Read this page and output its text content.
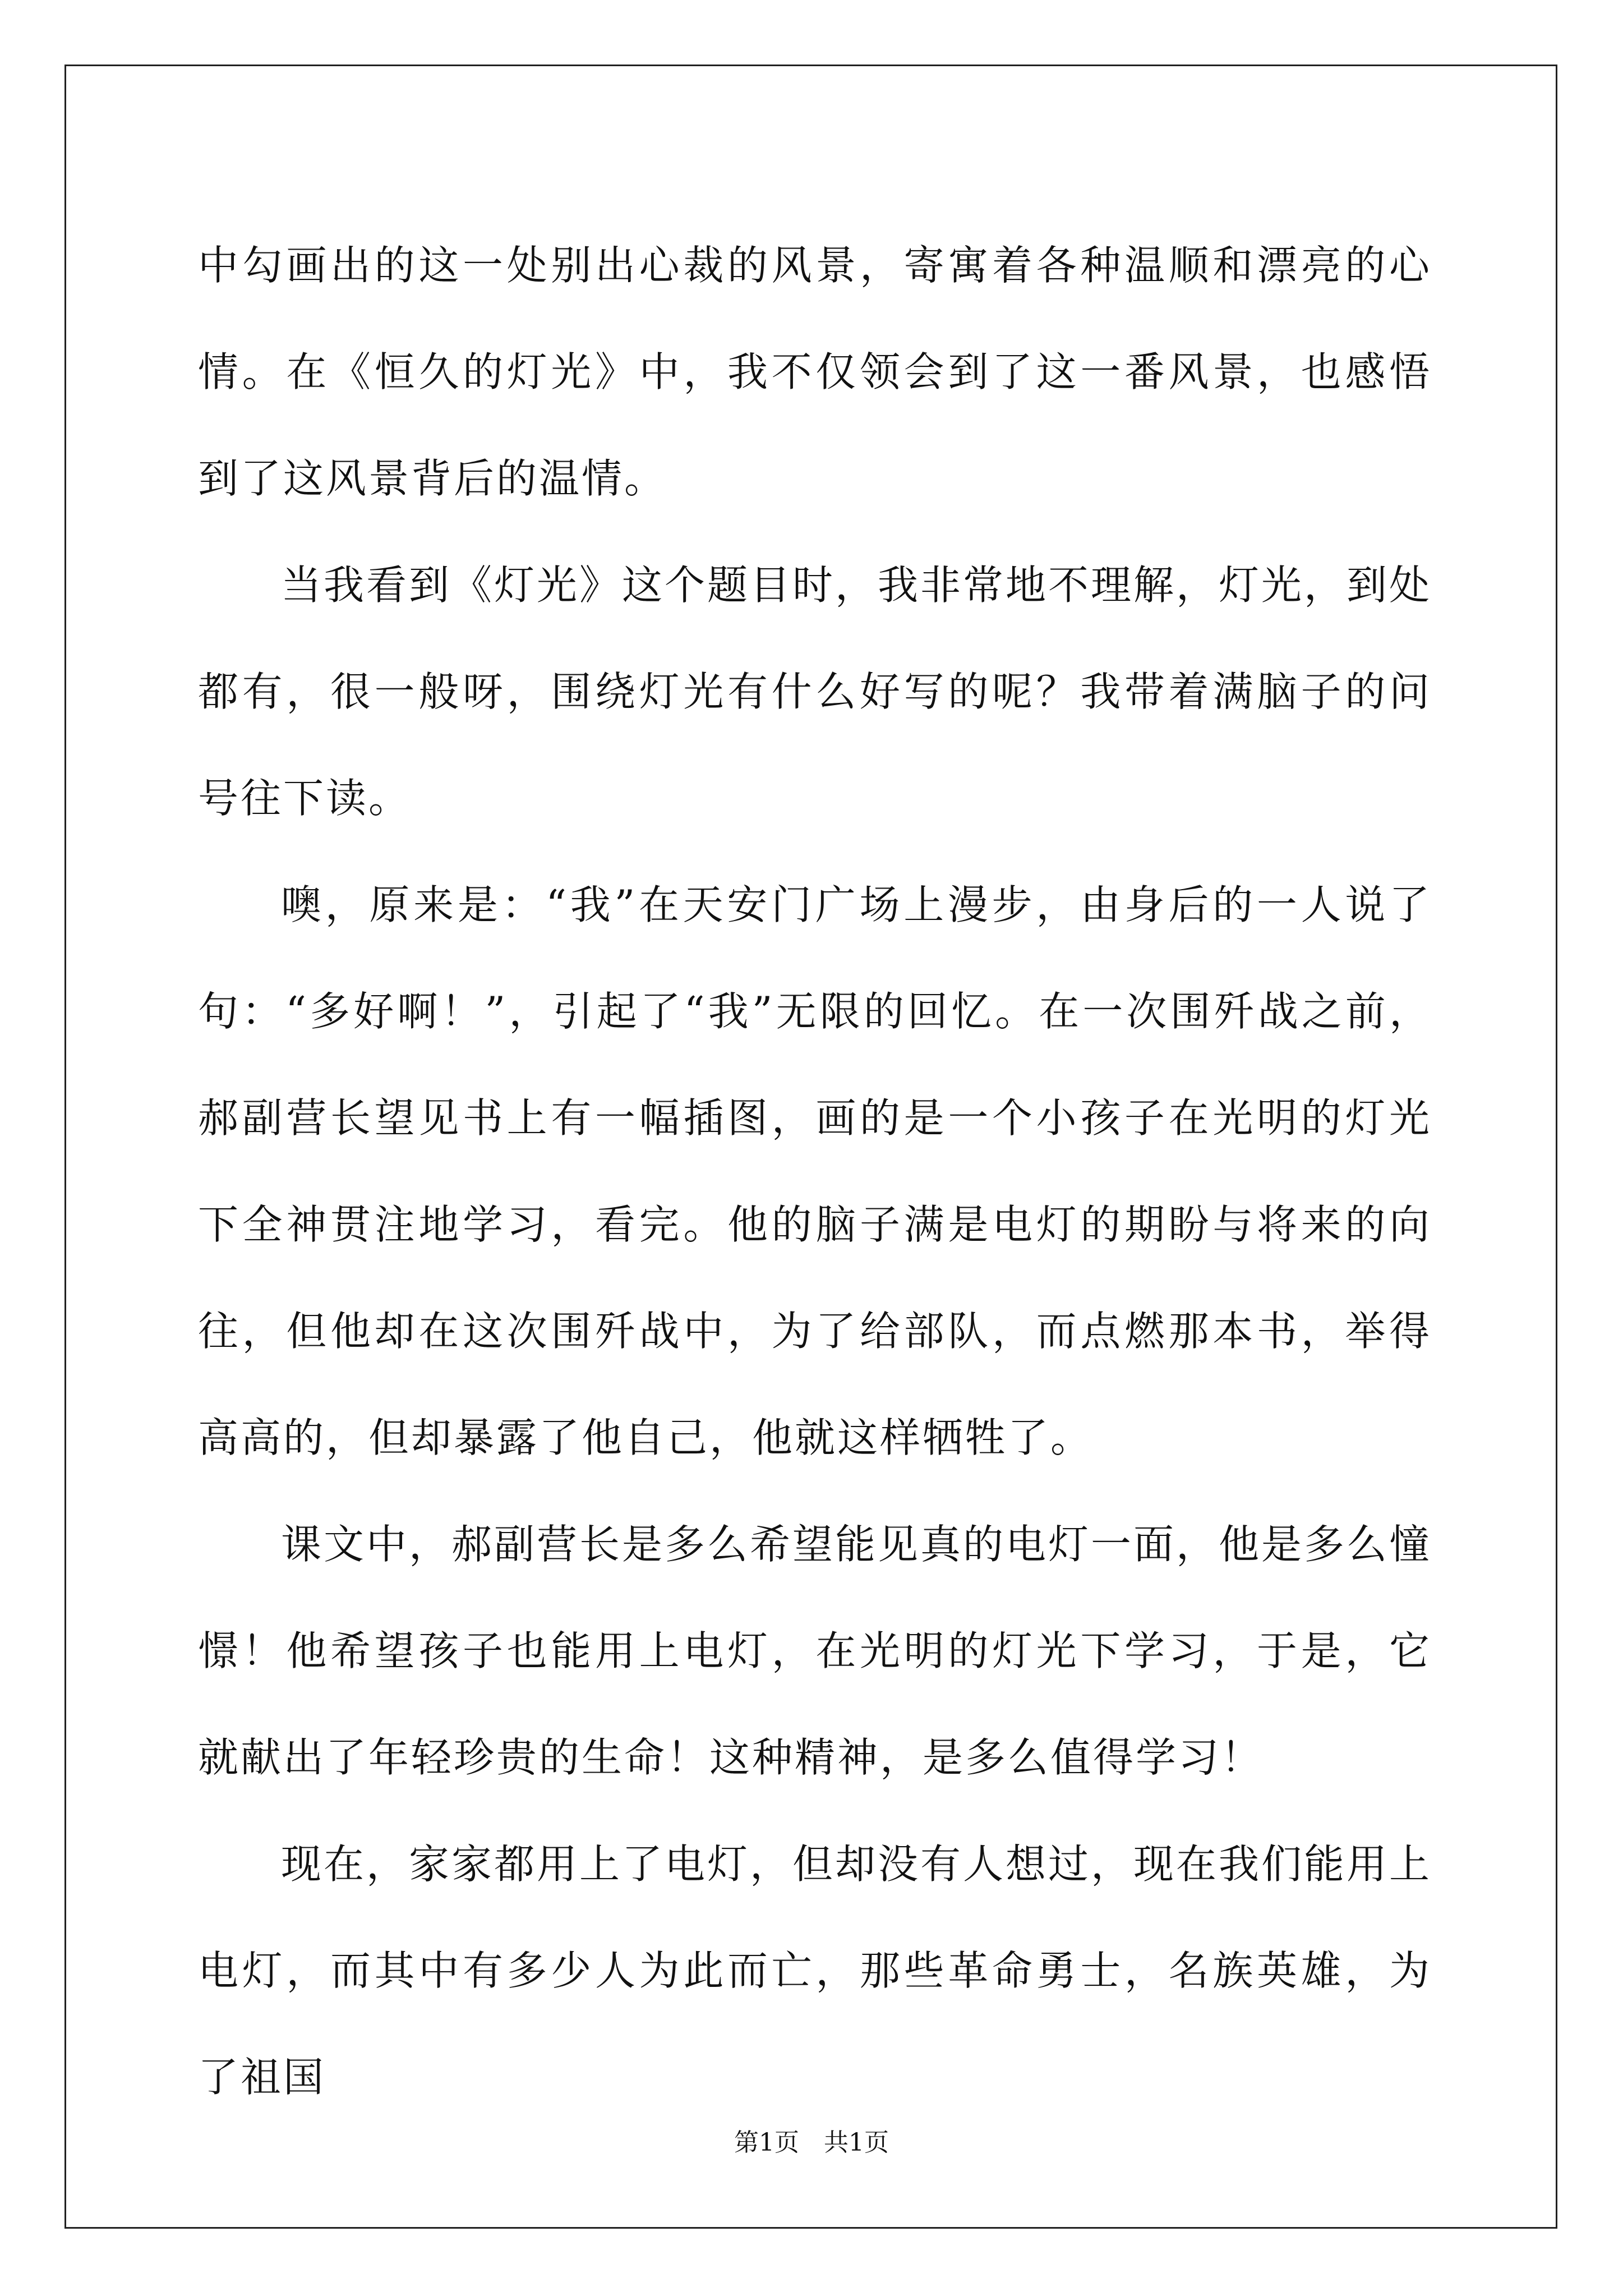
中勾画出的这一处别出心裁的风景，寄寓着各种温顺和漂亮的心情。在《恒久的灯光》中，我不仅领会到了这一番风景，也感悟到了这风景背后的温情。

当我看到《灯光》这个题目时，我非常地不理解，灯光，到处都有，很一般呀，围绕灯光有什么好写的呢？我带着满脑子的问号往下读。

噢，原来是：“我”在天安门广场上漫步，由身后的一人说了句：“多好啊！”，引起了“我”无限的回忆。在一次围歼战之前，郝副营长望见书上有一幅插图，画的是一个小孩子在光明的灯光下全神贯注地学习，看完。他的脑子满是电灯的期盼与将来的向往，但他却在这次围歼战中，为了给部队，而点燃那本书，举得高高的，但却暴露了他自己，他就这样牺牲了。

课文中，郝副营长是多么希望能见真的电灯一面，他是多么憧憬！他希望孩子也能用上电灯，在光明的灯光下学习，于是，它就献出了年轻珍贵的生命！这种精神，是多么值得学习！

现在，家家都用上了电灯，但却没有人想过，现在我们能用上电灯，而其中有多少人为此而亡，那些革命勇士，名族英雄，为了祖国

第1页　共1页
